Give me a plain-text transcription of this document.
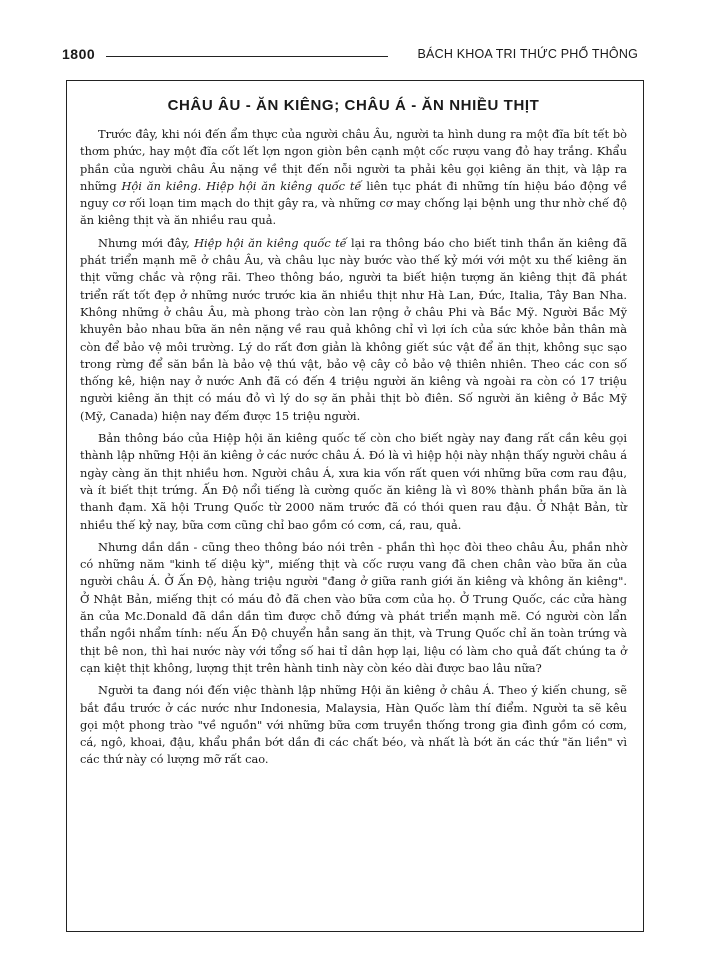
1800	BÁCH KHOA TRI THỨC PHỔ THÔNG
CHÂU ÂU - ĂN KIÊNG; CHÂU Á - ĂN NHIỀU THỊT

Trước đây, khi nói đến ẩm thực của người châu Âu, người ta hình dung ra một đĩa bít tết bò thơm phức, hay một đĩa cốt lết lợn ngon giòn bên cạnh một cốc rượu vang đỏ hay trắng. Khẩu phần của người châu Âu nặng về thịt đến nỗi người ta phải kêu gọi kiêng ăn thịt, và lập ra những Hội ăn kiêng. Hiệp hội ăn kiêng quốc tế liên tục phát đi những tín hiệu báo động về nguy cơ rối loạn tim mạch do thịt gây ra, và những cơ may chống lại bệnh ung thư nhờ chế độ ăn kiêng thịt và ăn nhiều rau quả.

Nhưng mới đây, Hiệp hội ăn kiêng quốc tế lại ra thông báo cho biết tinh thần ăn kiêng đã phát triển mạnh mẽ ở châu Âu, và châu lục này bước vào thế kỷ mới với một xu thế kiêng ăn thịt vững chắc và rộng rãi. Theo thông báo, người ta biết hiện tượng ăn kiêng thịt đã phát triển rất tốt đẹp ở những nước trước kia ăn nhiều thịt như Hà Lan, Đức, Italia, Tây Ban Nha. Không những ở châu Âu, mà phong trào còn lan rộng ở châu Phi và Bắc Mỹ. Người Bắc Mỹ khuyên bảo nhau bữa ăn nên nặng về rau quả không chỉ vì lợi ích của sức khỏe bản thân mà còn để bảo vệ môi trường. Lý do rất đơn giản là không giết súc vật để ăn thịt, không sục sạo trong rừng để săn bắn là bảo vệ thú vật, bảo vệ cây cỏ bảo vệ thiên nhiên. Theo các con số thống kê, hiện nay ở nước Anh đã có đến 4 triệu người ăn kiêng và ngoài ra còn có 17 triệu người kiêng ăn thịt có máu đỏ vì lý do sợ ăn phải thịt bò điên. Số người ăn kiêng ở Bắc Mỹ (Mỹ, Canada) hiện nay đếm được 15 triệu người.

Bản thông báo của Hiệp hội ăn kiêng quốc tế còn cho biết ngày nay đang rất cần kêu gọi thành lập những Hội ăn kiêng ở các nước châu Á. Đó là vì hiệp hội này nhận thấy người châu á ngày càng ăn thịt nhiều hơn. Người châu Á, xưa kia vốn rất quen với những bữa cơm rau đậu, và ít biết thịt trứng. Ấn Độ nổi tiếng là cường quốc ăn kiêng là vì 80% thành phần bữa ăn là thanh đạm. Xã hội Trung Quốc từ 2000 năm trước đã có thói quen rau đậu. Ở Nhật Bản, từ nhiều thế kỷ nay, bữa cơm cũng chỉ bao gồm có cơm, cá, rau, quả.

Nhưng dần dần - cũng theo thông báo nói trên - phần thì học đòi theo châu Âu, phần nhờ có những năm "kinh tế diệu kỳ", miếng thịt và cốc rượu vang đã chen chân vào bữa ăn của người châu Á. Ở Ấn Độ, hàng triệu người "đang ở giữa ranh giới ăn kiêng và không ăn kiêng". Ở Nhật Bản, miếng thịt có máu đỏ đã chen vào bữa cơm của họ. Ở Trung Quốc, các cửa hàng ăn của Mc.Donald đã dần dần tìm được chỗ đứng và phát triển mạnh mẽ. Có người còn lẩn thẩn ngồi nhẩm tính: nếu Ấn Độ chuyển hẳn sang ăn thịt, và Trung Quốc chỉ ăn toàn trứng và thịt bê non, thì hai nước này với tổng số hai tỉ dân hợp lại, liệu có làm cho quả đất chúng ta ở cạn kiệt thịt không, lượng thịt trên hành tinh này còn kéo dài được bao lâu nữa?

Người ta đang nói đến việc thành lập những Hội ăn kiêng ở châu Á. Theo ý kiến chung, sẽ bắt đầu trước ở các nước như Indonesia, Malaysia, Hàn Quốc làm thí điểm. Người ta sẽ kêu gọi một phong trào "về nguồn" với những bữa cơm truyền thống trong gia đình gồm có cơm, cá, ngô, khoai, đậu, khẩu phần bớt dần đi các chất béo, và nhất là bớt ăn các thứ "ăn liền" vì các thứ này có lượng mỡ rất cao.
